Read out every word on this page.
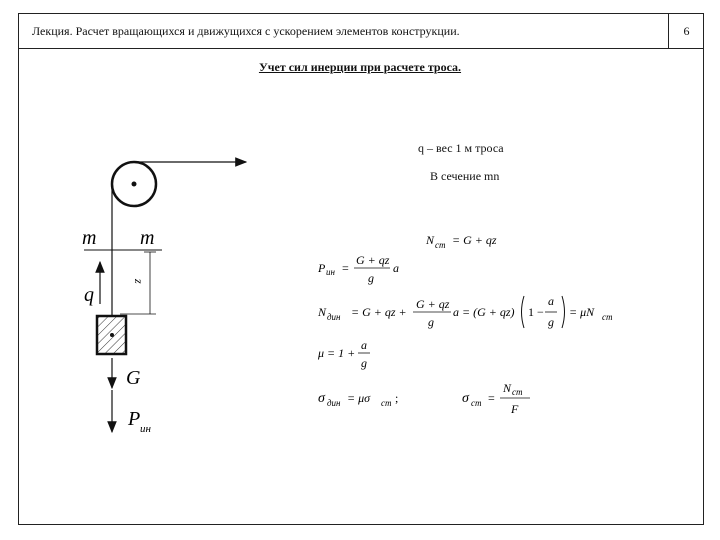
Лекция. Расчет вращающихся и движущихся с ускорением элементов конструкции.	6
Учет сил инерции при расчете троса.
q – вес 1 м троса
В сечение mn
m m
z
q
G
P ин
N cm = G + qz
P ин =
G + qz
g
a
N дин = G + qz +
G + qz
g
a = (G + qz) 1 −
a
g
= μN cm
μ = 1 +
a
g
σ дин = μσ cm ;	σ cm =
N cm
F
